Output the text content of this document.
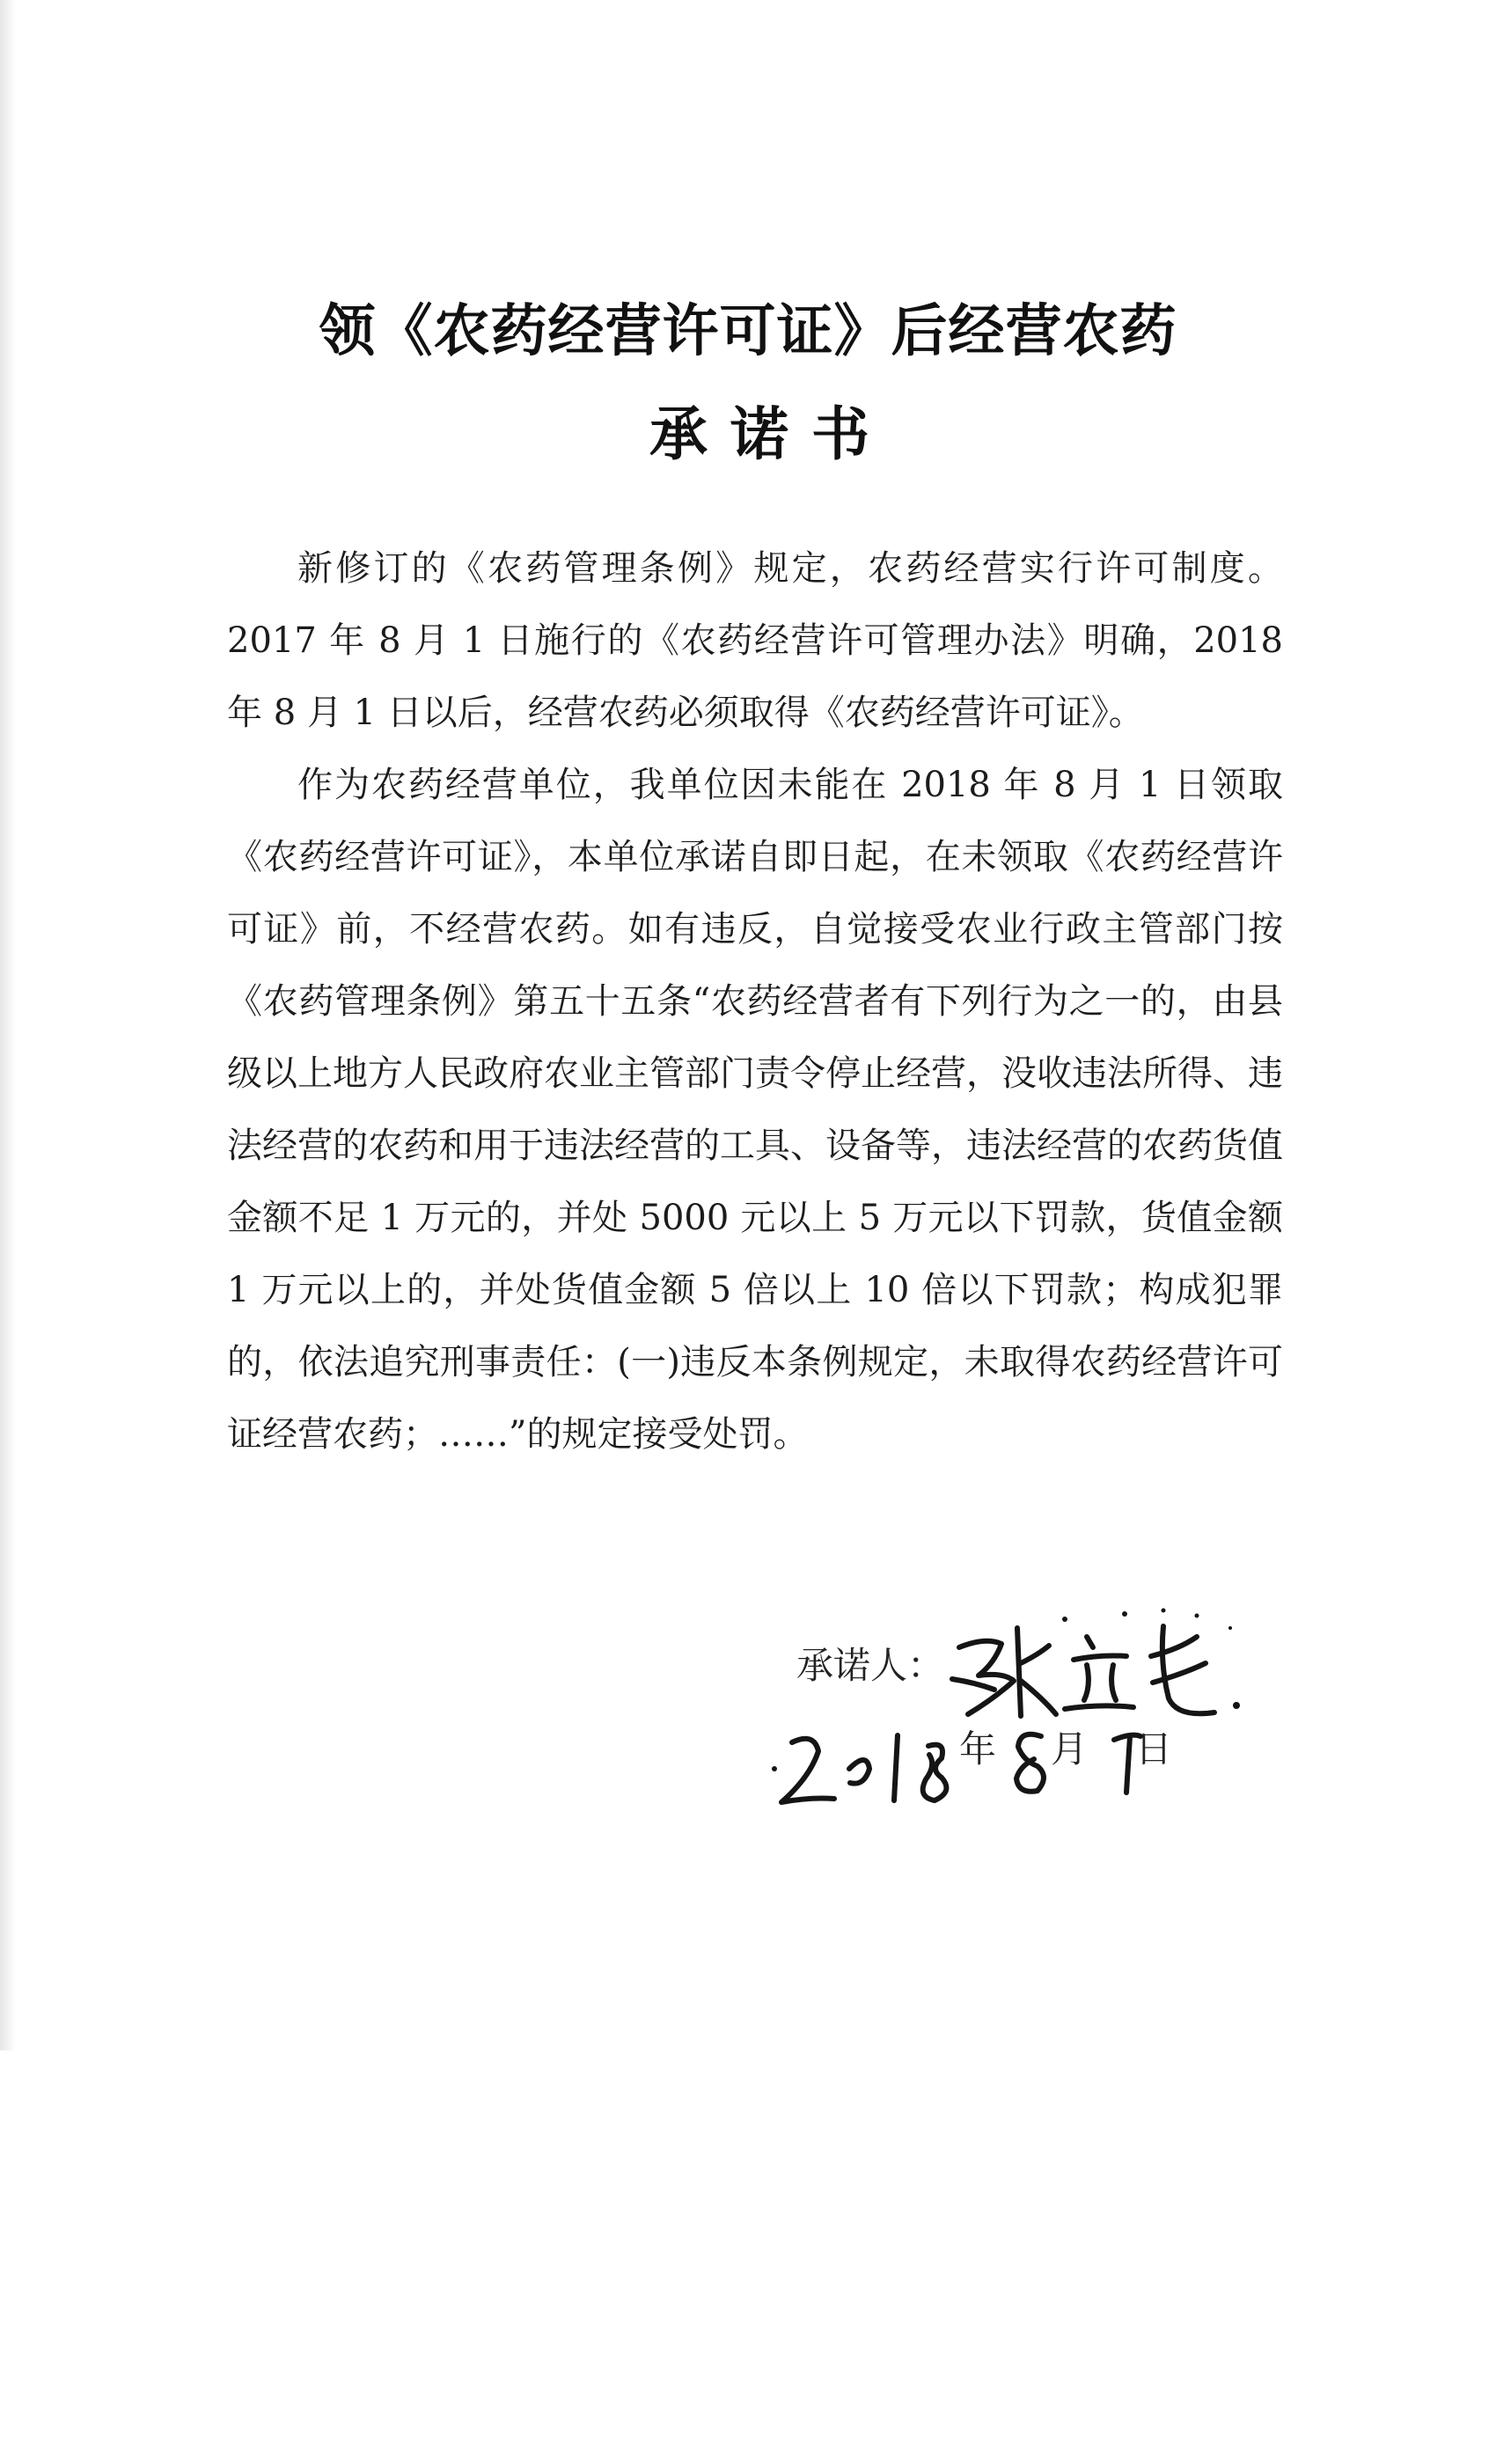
领《农药经营许可证》后经营农药
承诺书

新修订的《农药管理条例》规定，农药经营实行许可制度。2017 年 8 月 1 日施行的《农药经营许可管理办法》明确，2018 年 8 月 1 日以后，经营农药必须取得《农药经营许可证》。

作为农药经营单位，我单位因未能在 2018 年 8 月 1 日领取《农药经营许可证》，本单位承诺自即日起，在未领取《农药经营许可证》前，不经营农药。如有违反，自觉接受农业行政主管部门按《农药管理条例》第五十五条“农药经营者有下列行为之一的，由县级以上地方人民政府农业主管部门责令停止经营，没收违法所得、违法经营的农药和用于违法经营的工具、设备等，违法经营的农药货值金额不足 1 万元的，并处 5000 元以上 5 万元以下罚款，货值金额 1 万元以上的，并处货值金额 5 倍以上 10 倍以下罚款；构成犯罪的，依法追究刑事责任：(一)违反本条例规定，未取得农药经营许可证经营农药；……”的规定接受处罚。

承诺人：
年 月 日
